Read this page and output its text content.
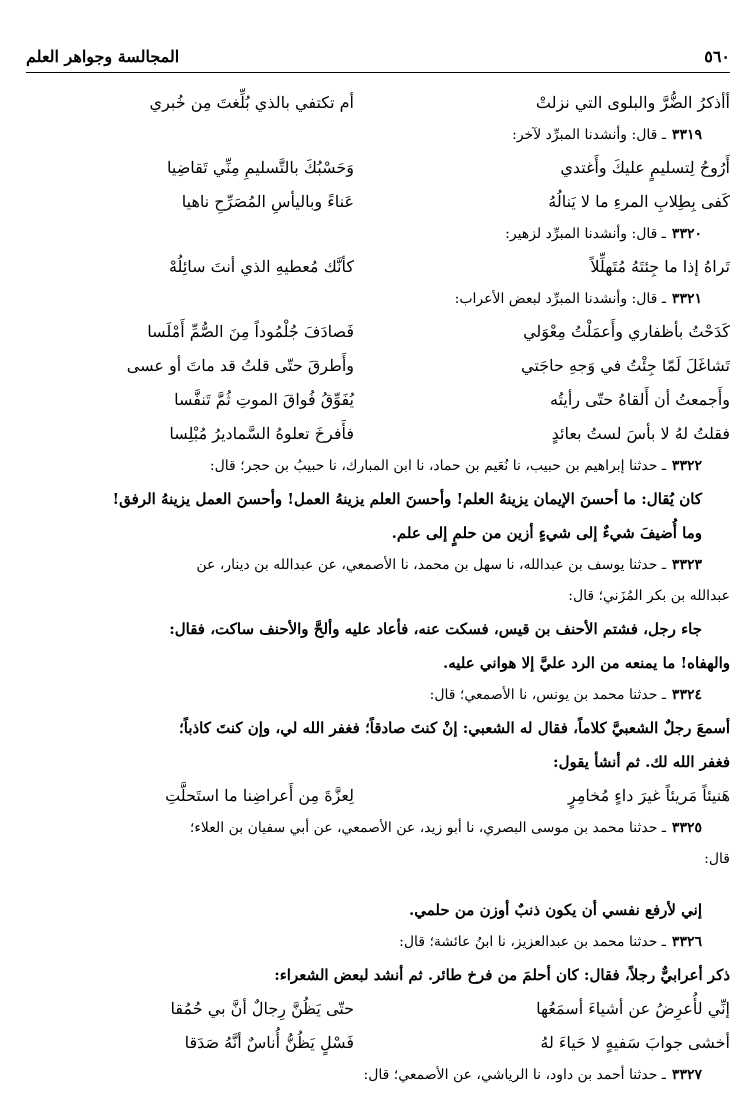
٥٦٠
المجالسة وجواهر العلم
أأذكرُ الضُّرَّ والبلوى التي نزلتْ
أم تكتفي بالذي بُلِّغتَ مِن خُبري
٣٣١٩ـ قال: وأنشدنا المبرِّد لآخر:
أَرُوحُ لِتسليمٍ عليكَ وأَغتدي
وَحَسْبُكَ بالتَّسليمِ مِنِّي تَقاضِيا
كَفى بِطِلابِ المرءِ ما لا يَنالُهُ
عَناءً وباليأسِ المُصَرِّحِ ناهيا
٣٣٢٠ـ قال: وأنشدنا المبرِّد لزهير:
تَراهُ إذا ما جِئتَهُ مُتَهلِّلاً
كأنَّك مُعطيهِ الذي أنتَ سائِلُهْ
٣٣٢١ـ قال: وأنشدنا المبرِّد لبعض الأعراب:
كَدَحْتُ بأظفاري وأَعمَلْتُ مِعْوَلي
فَصادَفَ جُلْمُوداً مِنَ الصُّمِّ أَمْلَسا
تَشاغَلَ لَمّا جِئْتُ في وَجهِ حاجَتي
وأَطرقَ حتّى قلتُ قد ماتَ أو عسى
وأَجمعتُ أن أَلقاهُ حتّى رأيتُه
يُفَوِّقُ فُواقَ الموتِ ثُمَّ تَنفَّسا
فقلتُ لهُ لا بأسَ لستُ بعائدٍ
فأَفرخَ تعلوهُ السَّماديرُ مُبْلِسا
٣٣٢٢ـ حدثنا إبراهيم بن حبيب، نا نُعَيم بن حماد، نا ابن المبارك، نا حبيبُ بن حجر؛ قال:
كان يُقال: ما أحسنَ الإيمان يزينهُ العلم! وأحسنَ العلم يزينهُ العمل! وأحسنَ العمل يزينهُ الرفق!
وما أُضيفَ شيءٌ إلى شيءٍ أزين من حلمٍ إلى علم.
٣٣٢٣ـ حدثنا يوسف بن عبدالله، نا سهل بن محمد، نا الأصمعي، عن عبدالله بن دينار، عن
عبدالله بن بكر المُزَني؛ قال:
جاء رجل، فشتم الأحنف بن قيس، فسكت عنه، فأعاد عليه وألحَّ والأحنف ساكت، فقال:
والهفاه! ما يمنعه من الرد عليَّ إلا هواني عليه.
٣٣٢٤ـ حدثنا محمد بن يونس، نا الأصمعي؛ قال:
أسمعَ رجلٌ الشعبيَّ كلاماً، فقال له الشعبي: إنْ كنتَ صادقاً؛ فغفر الله لي، وإن كنتَ كاذباً؛
فغفر الله لك. ثم أنشأ يقول:
هَنيئاً مَريئاً غيرَ داءٍ مُخامِرٍ
لِعزَّةَ مِن أَعراضِنا ما استَحلَّتِ
٣٣٢٥ـ حدثنا محمد بن موسى البصري، نا أبو زيد، عن الأصمعي، عن أبي سفيان بن العلاء؛
قال:
إني لأرفع نفسي أن يكون ذنبٌ أوزن من حلمي.
٣٣٢٦ـ حدثنا محمد بن عبدالعزيز، نا ابنُ عائشة؛ قال:
ذكر أعرابيٌّ رجلاً، فقال: كان أحلمَ من فرخ طائر. ثم أنشد لبعض الشعراء:
إنِّي لأُعرِضُ عن أشياءَ أسمَعُها
حتّى يَظُنَّ رِجالٌ أنَّ بي حُمُقا
أخشى جوابَ سَفيهٍ لا حَياءَ لهُ
فَسْلٍ يَظُنُّ أُناسٌ أنَّهُ صَدَقا
٣٣٢٧ـ حدثنا أحمد بن داود، نا الرياشي، عن الأصمعي؛ قال:
